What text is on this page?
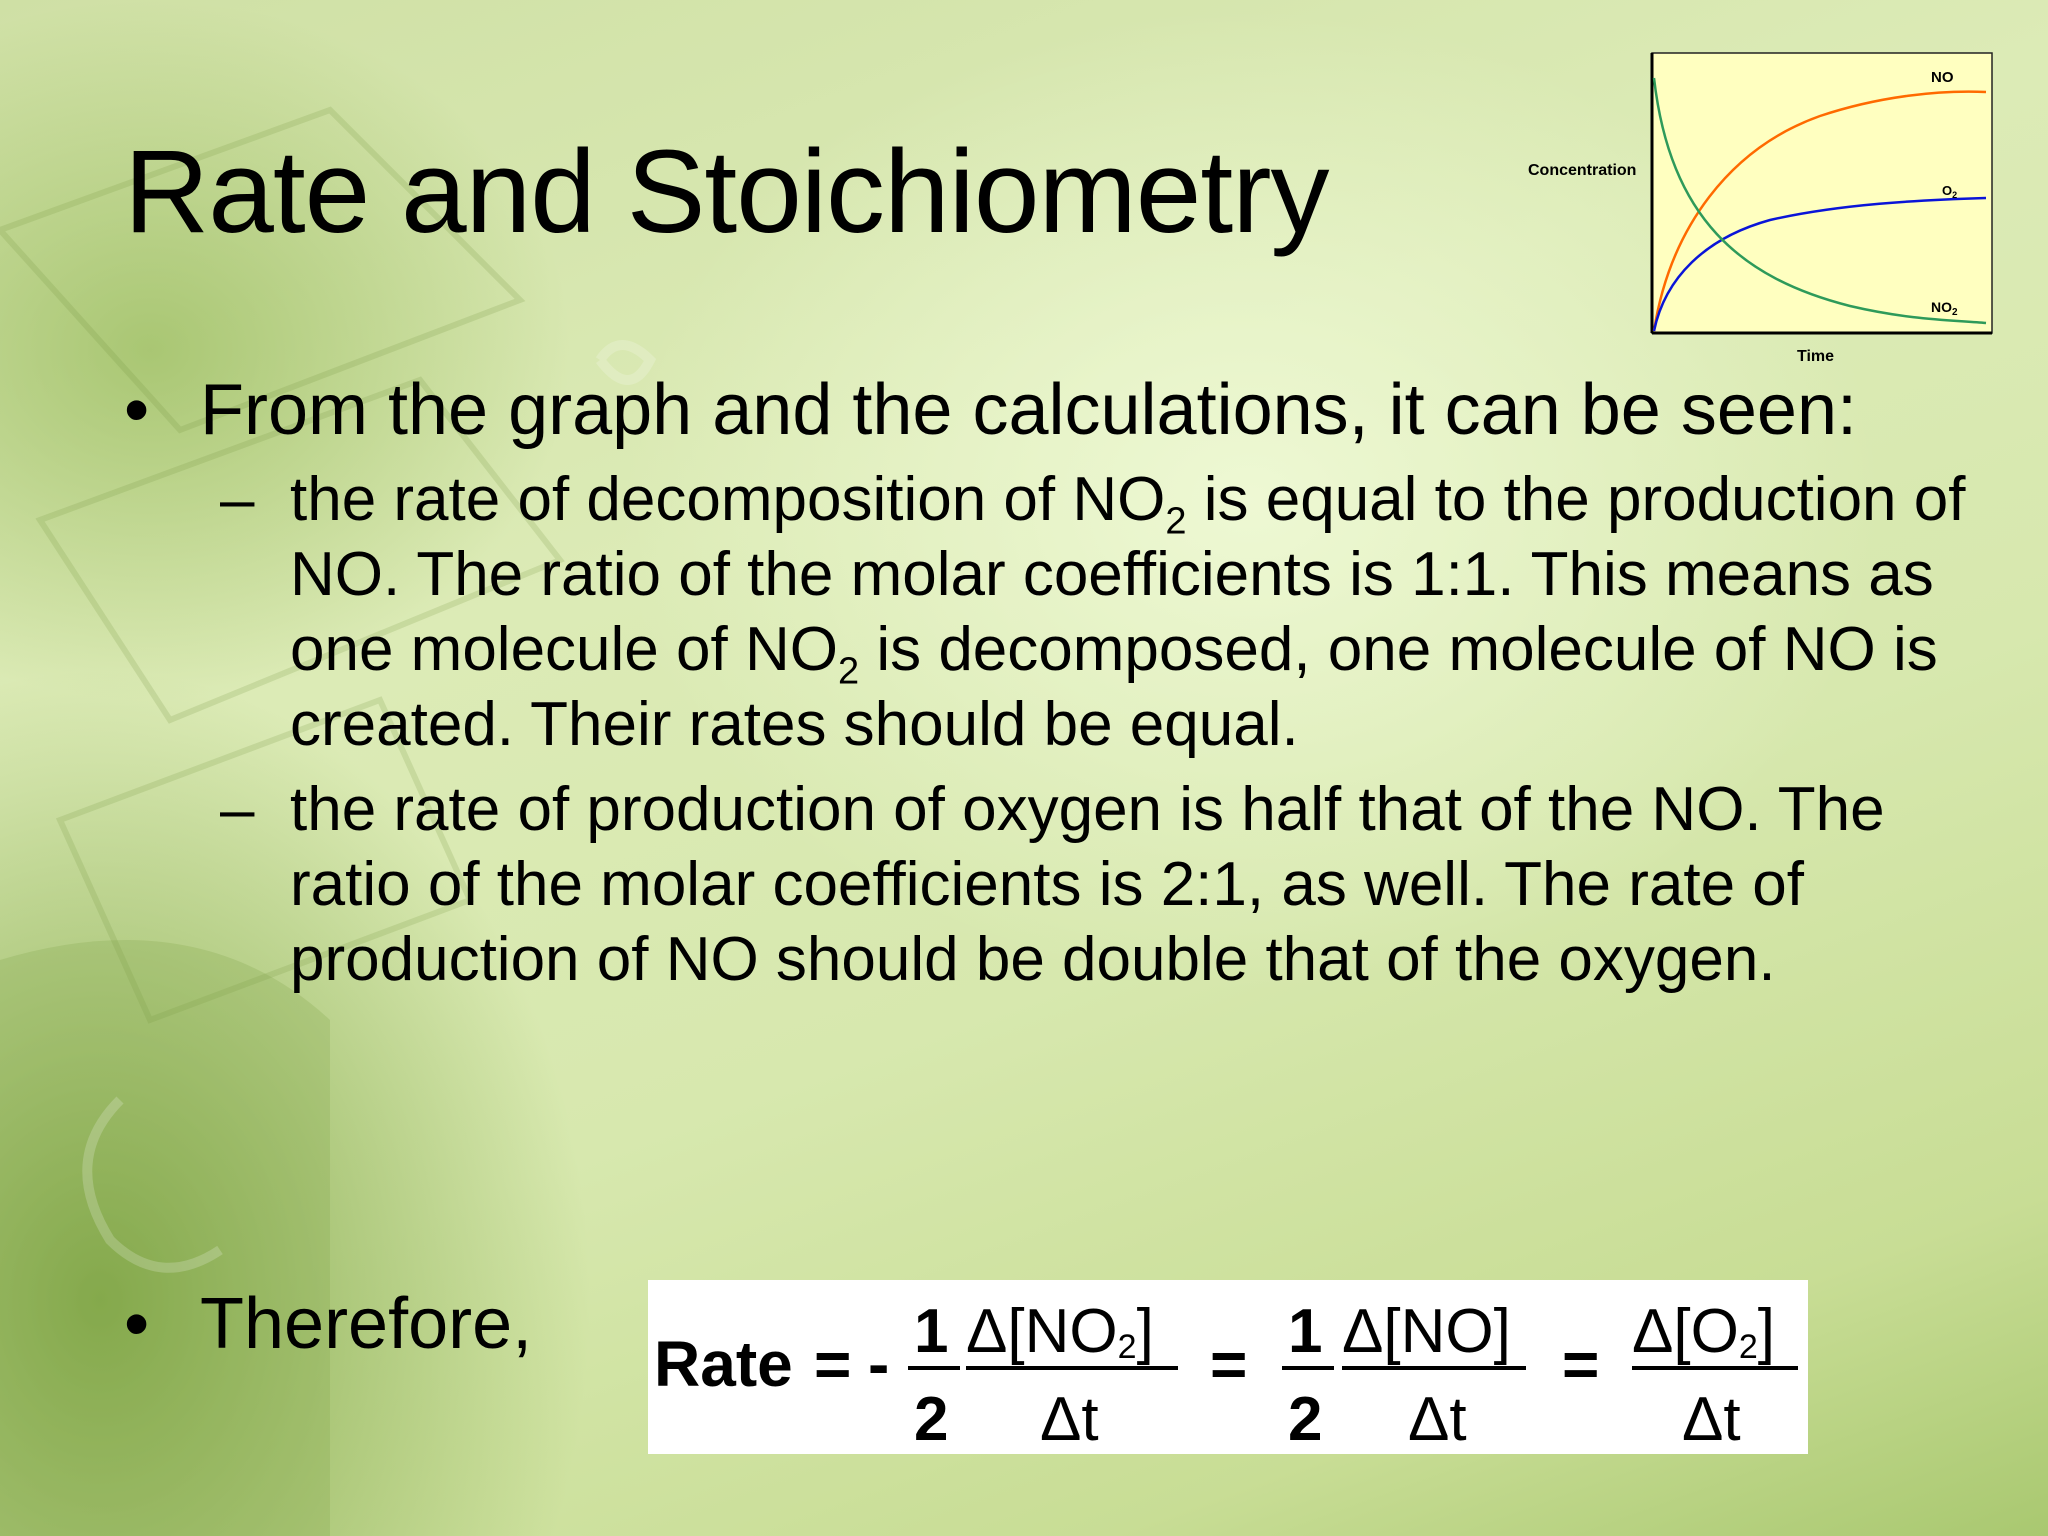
Rate and Stoichiometry
NO
$O_2$
$NO_2$
Concentration
Time
• From the graph and the calculations, it can be seen:
– the rate of decomposition of $NO_2$ is equal to the production of NO. The ratio of the molar coefficients is 1:1. This means as one molecule of $NO_2$ is decomposed, one molecule of NO is created. Their rates should be equal.
– the rate of production of oxygen is half that of the NO. The ratio of the molar coefficients is 2:1, as well. The rate of production of NO should be double that of the oxygen.
• Therefore, Rate = - 1
2
Δ[NO2]
Δt
= 1
2
Δ[NO]
Δt
= Δ[O2]
Δt
